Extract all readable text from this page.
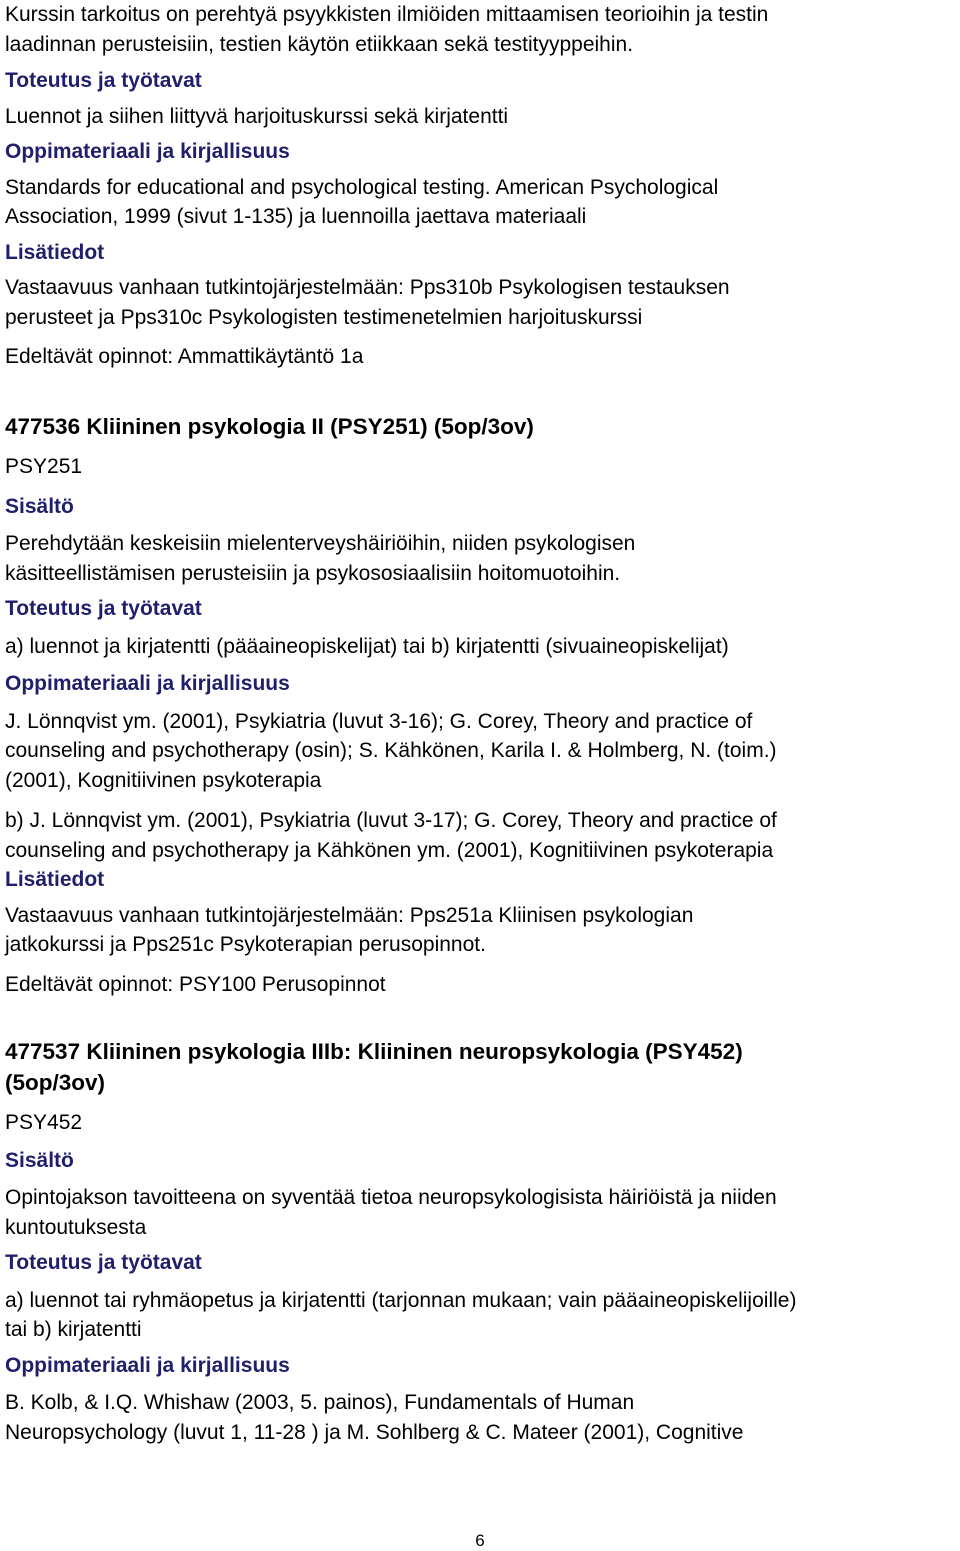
Kurssin tarkoitus on perehtyä psyykkisten ilmiöiden mittaamisen teorioihin ja testin

laadinnan perusteisiin, testien käytön etiikkaan sekä testityyppeihin.

Toteutus ja työtavat

Luennot ja siihen liittyvä harjoituskurssi sekä kirjatentti

Oppimateriaali ja kirjallisuus

Standards for educational and psychological testing. American Psychological

Association, 1999 (sivut 1-135) ja luennoilla jaettava materiaali

Lisätiedot

Vastaavuus vanhaan tutkintojärjestelmään: Pps310b Psykologisen testauksen

perusteet ja Pps310c Psykologisten testimenetelmien harjoituskurssi

Edeltävät opinnot: Ammattikäytäntö 1a

477536 Kliininen psykologia II (PSY251) (5op/3ov)

PSY251

Sisältö

Perehdytään keskeisiin mielenterveyshäiriöihin, niiden psykologisen

käsitteellistämisen perusteisiin ja psykososiaalisiin hoitomuotoihin.

Toteutus ja työtavat

a) luennot ja kirjatentti (pääaineopiskelijat) tai b) kirjatentti (sivuaineopiskelijat)

Oppimateriaali ja kirjallisuus

J. Lönnqvist ym. (2001), Psykiatria (luvut 3-16); G. Corey, Theory and practice of

counseling and psychotherapy (osin); S. Kähkönen, Karila I. & Holmberg, N. (toim.)

(2001), Kognitiivinen psykoterapia

b) J. Lönnqvist ym. (2001), Psykiatria (luvut 3-17); G. Corey, Theory and practice of

counseling and psychotherapy ja Kähkönen ym. (2001), Kognitiivinen psykoterapia

Lisätiedot

Vastaavuus vanhaan tutkintojärjestelmään: Pps251a Kliinisen psykologian

jatkokurssi ja Pps251c Psykoterapian perusopinnot.

Edeltävät opinnot: PSY100 Perusopinnot

477537 Kliininen psykologia IIIb: Kliininen neuropsykologia (PSY452)

(5op/3ov)

PSY452

Sisältö

Opintojakson tavoitteena on syventää tietoa neuropsykologisista häiriöistä ja niiden

kuntoutuksesta

Toteutus ja työtavat

a) luennot tai ryhmäopetus ja kirjatentti (tarjonnan mukaan; vain pääaineopiskelijoille)

tai b) kirjatentti

Oppimateriaali ja kirjallisuus

B. Kolb, & I.Q. Whishaw (2003, 5. painos), Fundamentals of Human

Neuropsychology (luvut 1, 11-28 ) ja M. Sohlberg & C. Mateer (2001), Cognitive

6
